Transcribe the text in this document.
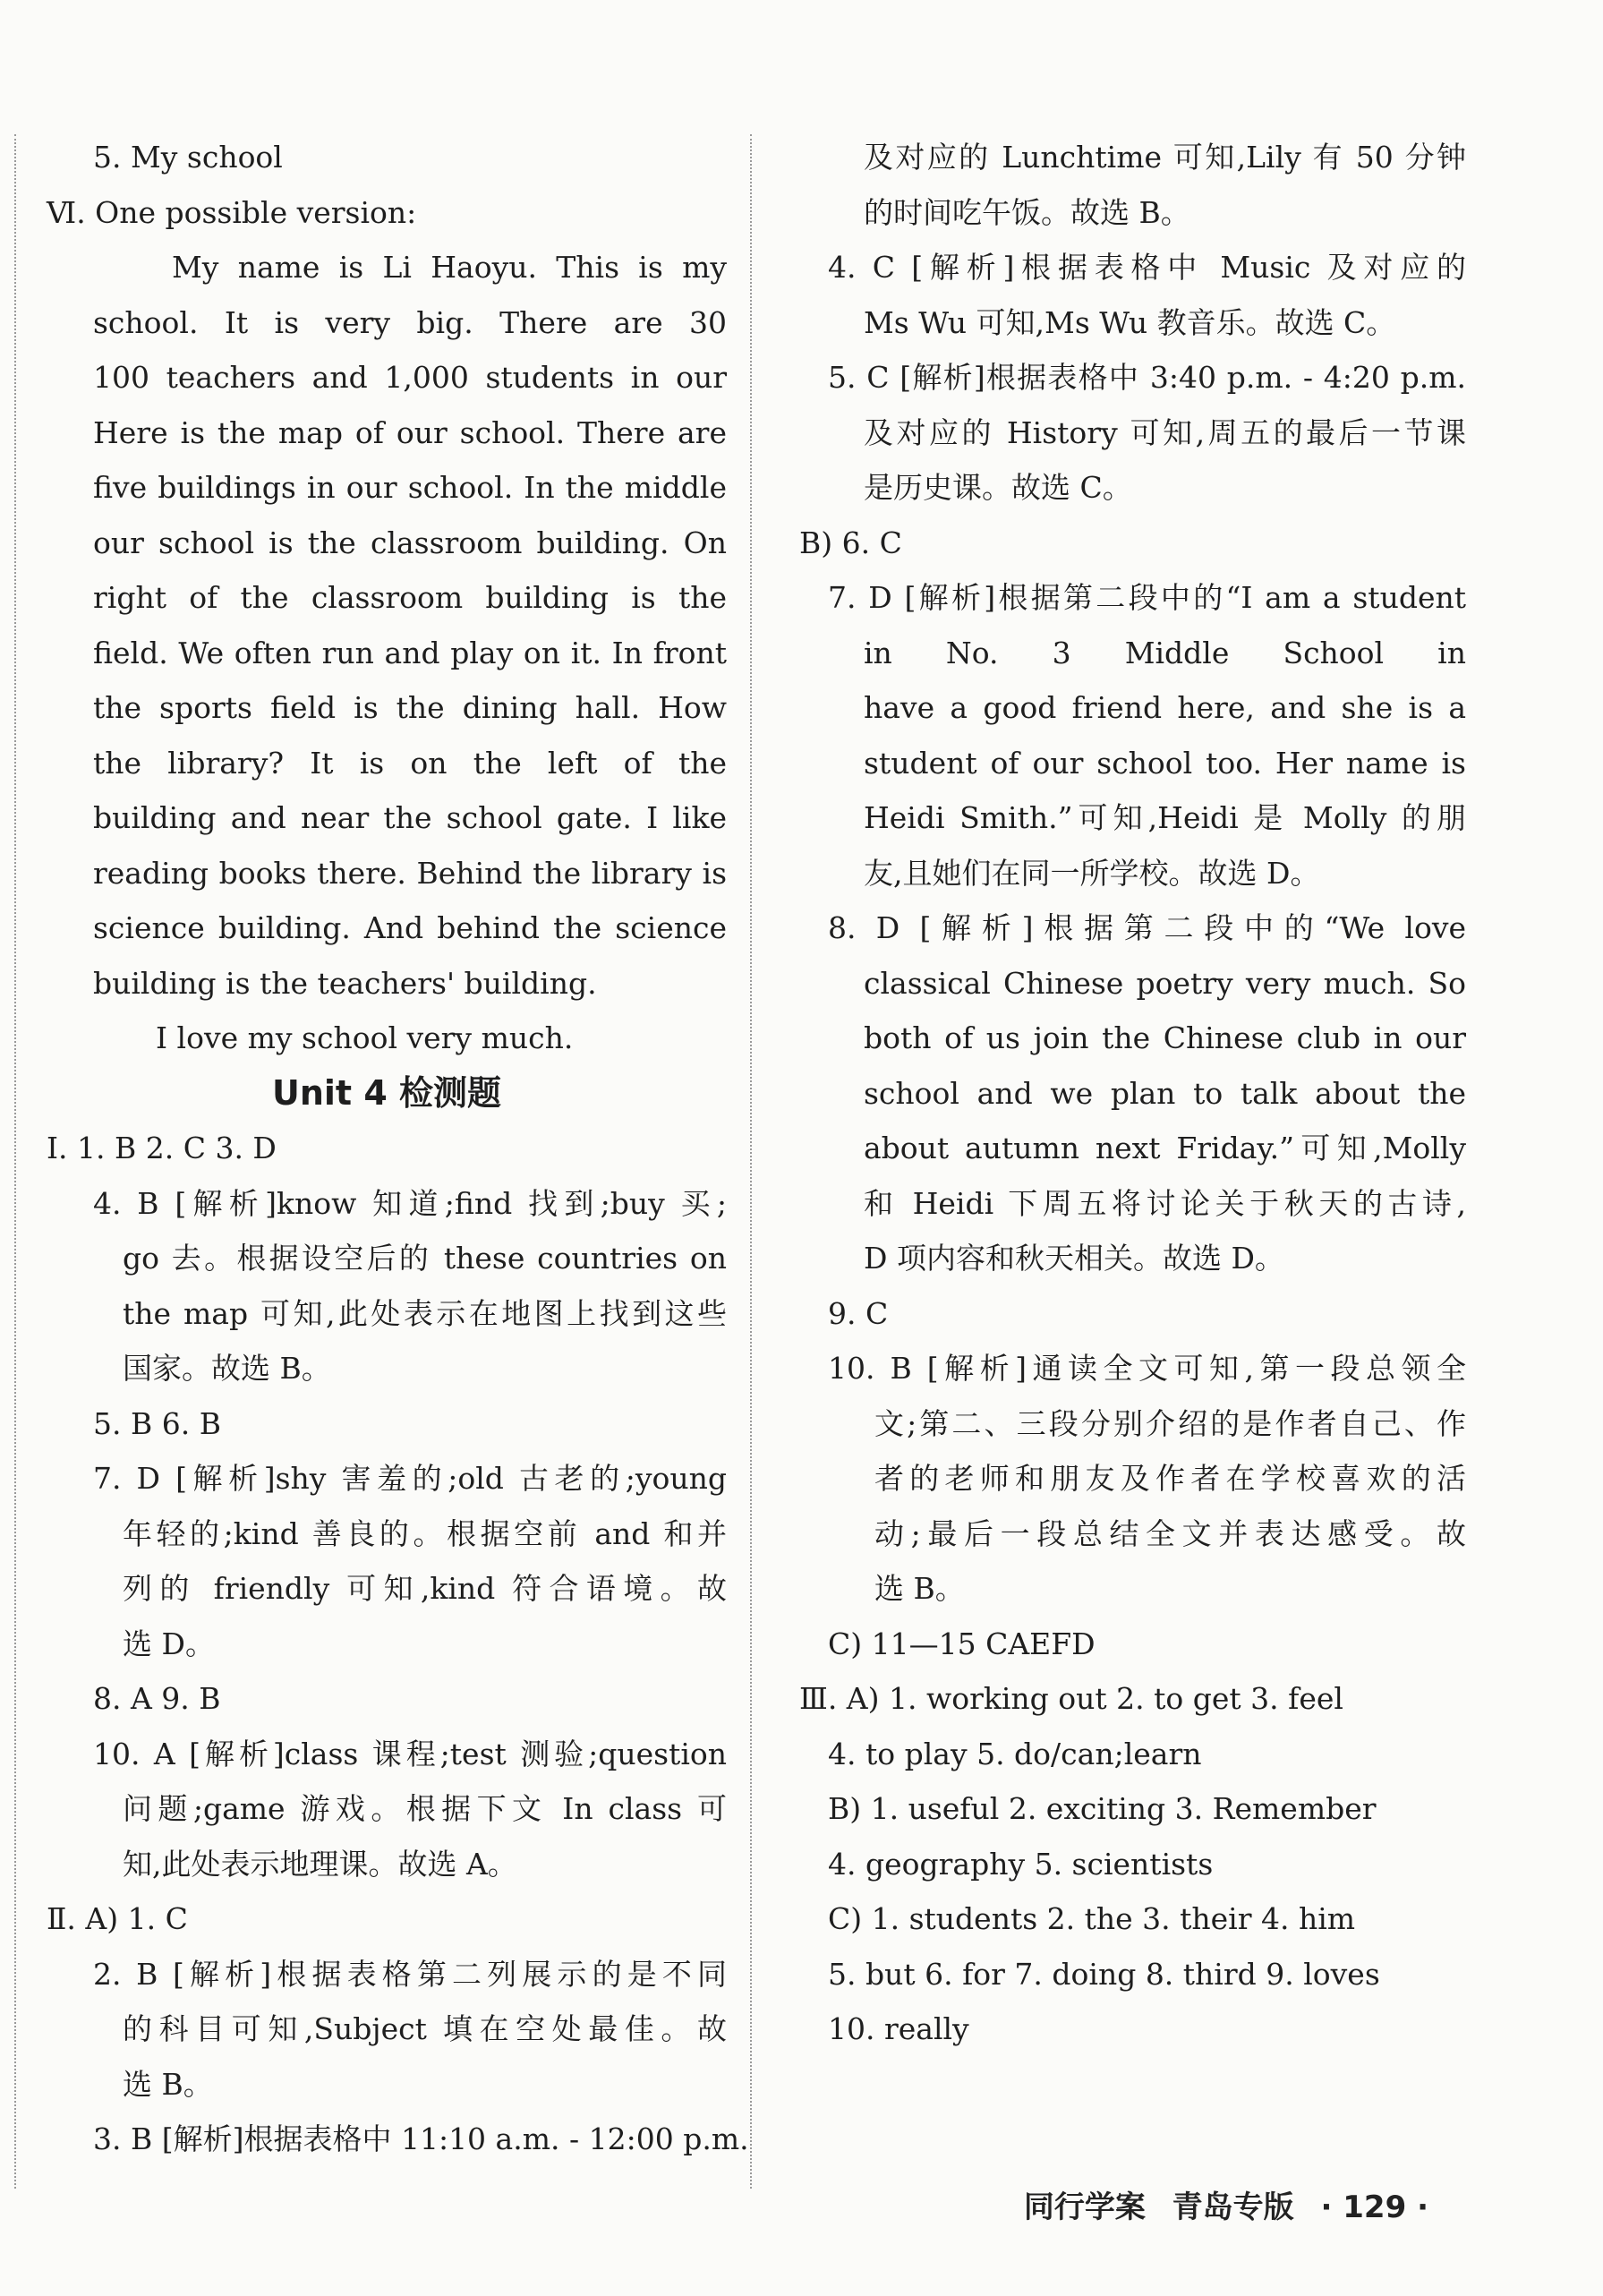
5. My school
Ⅵ. One possible version:
My name is Li Haoyu. This is my
school. It is very big. There are 30
100 teachers and 1,000 students in our
Here is the map of our school. There are
five buildings in our school. In the middle
our school is the classroom building. On
right of the classroom building is the
field. We often run and play on it. In front
the sports field is the dining hall. How
the library? It is on the left of the
building and near the school gate. I like
reading books there. Behind the library is
science building. And behind the science
building is the teachers' building.
I love my school very much.
Unit 4 检测题
Ⅰ. 1. B 2. C 3. D
4. B [解析]know 知道;find 找到;buy 买;
go 去。根据设空后的 these countries on
the map 可知,此处表示在地图上找到这些
国家。故选 B。
5. B 6. B
7. D [解析]shy 害羞的;old 古老的;young
年轻的;kind 善良的。根据空前 and 和并
列的 friendly 可知,kind 符合语境。故
选 D。
8. A 9. B
10. A [解析]class 课程;test 测验;question
问题;game 游戏。根据下文 In class 可
知,此处表示地理课。故选 A。
Ⅱ. A) 1. C
2. B [解析]根据表格第二列展示的是不同
的科目可知,Subject 填在空处最佳。故
选 B。
3. B [解析]根据表格中 11:10 a.m. - 12:00 p.m.
及对应的 Lunchtime 可知,Lily 有 50 分钟
的时间吃午饭。故选 B。
4. C [解析]根据表格中 Music 及对应的
Ms Wu 可知,Ms Wu 教音乐。故选 C。
5. C [解析]根据表格中 3:40 p.m. - 4:20 p.m.
及对应的 History 可知,周五的最后一节课
是历史课。故选 C。
B) 6. C
7. D [解析]根据第二段中的“I am a student
in No. 3 Middle School in
have a good friend here, and she is a
student of our school too. Her name is
Heidi Smith.”可知,Heidi 是 Molly 的朋
友,且她们在同一所学校。故选 D。
8. D [解析]根据第二段中的“We love
classical Chinese poetry very much. So
both of us join the Chinese club in our
school and we plan to talk about the
about autumn next Friday.”可知,Molly
和 Heidi 下周五将讨论关于秋天的古诗,
D 项内容和秋天相关。故选 D。
9. C
10. B [解析]通读全文可知,第一段总领全
文;第二、三段分别介绍的是作者自己、作
者的老师和朋友及作者在学校喜欢的活
动;最后一段总结全文并表达感受。故
选 B。
C) 11—15 CAEFD
Ⅲ. A) 1. working out 2. to get 3. feel
4. to play 5. do/can;learn
B) 1. useful 2. exciting 3. Remember
4. geography 5. scientists
C) 1. students 2. the 3. their 4. him
5. but 6. for 7. doing 8. third 9. loves
10. really
同行学案 青岛专版 · 129 ·
